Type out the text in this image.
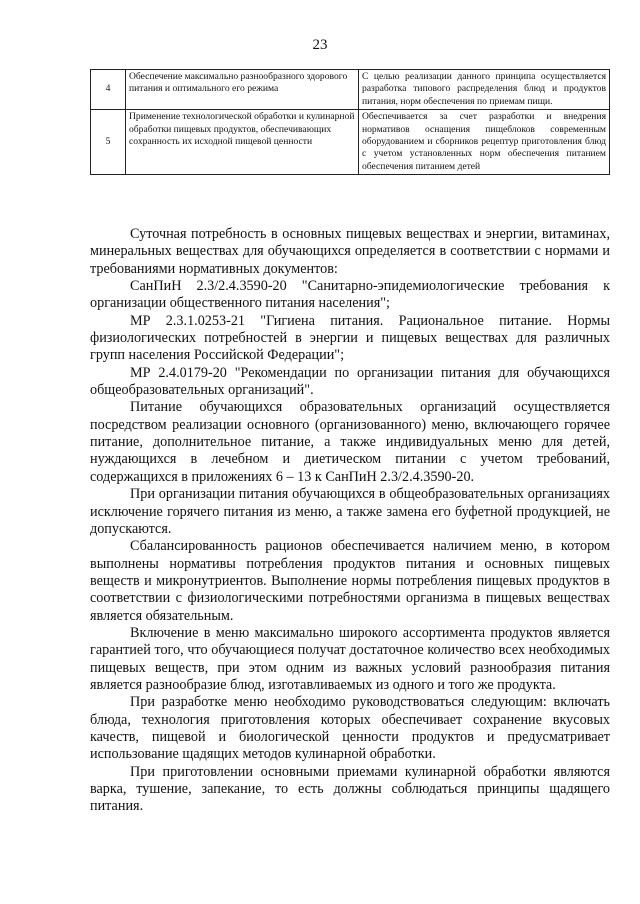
23
4	Обеспечение максимально разнообразного здорового питания и оптимального его режима	С целью реализации данного принципа осуществляется разработка типового распределения блюд и продуктов питания, норм обеспечения по приемам пищи.
5	Применение технологической обработки и кулинарной обработки пищевых продуктов, обеспечивающих сохранность их исходной пищевой ценности	Обеспечивается за счет разработки и внедрения нормативов оснащения пищеблоков современным оборудованием и сборников рецептур приготовления блюд с учетом установленных норм обеспечения питанием обеспечения питанием детей

Суточная потребность в основных пищевых веществах и энергии, витаминах, минеральных веществах для обучающихся определяется в соответствии с нормами и требованиями нормативных документов:

СанПиН 2.3/2.4.3590-20 "Санитарно-эпидемиологические требования к организации общественного питания населения";

МР 2.3.1.0253-21 "Гигиена питания. Рациональное питание. Нормы физиологических потребностей в энергии и пищевых веществах для различных групп населения Российской Федерации";

МР 2.4.0179-20 "Рекомендации по организации питания для обучающихся общеобразовательных организаций".

Питание обучающихся образовательных организаций осуществляется посредством реализации основного (организованного) меню, включающего горячее питание, дополнительное питание, а также индивидуальных меню для детей, нуждающихся в лечебном и диетическом питании с учетом требований, содержащихся в приложениях 6 – 13 к СанПиН 2.3/2.4.3590-20.

При организации питания обучающихся в общеобразовательных организациях исключение горячего питания из меню, а также замена его буфетной продукцией, не допускаются.

Сбалансированность рационов обеспечивается наличием меню, в котором выполнены нормативы потребления продуктов питания и основных пищевых веществ и микронутриентов. Выполнение нормы потребления пищевых продуктов в соответствии с физиологическими потребностями организма в пищевых веществах является обязательным.

Включение в меню максимально широкого ассортимента продуктов является гарантией того, что обучающиеся получат достаточное количество всех необходимых пищевых веществ, при этом одним из важных условий разнообразия питания является разнообразие блюд, изготавливаемых из одного и того же продукта.

При разработке меню необходимо руководствоваться следующим: включать блюда, технология приготовления которых обеспечивает сохранение вкусовых качеств, пищевой и биологической ценности продуктов и предусматривает использование щадящих методов кулинарной обработки.

При приготовлении основными приемами кулинарной обработки являются варка, тушение, запекание, то есть должны соблюдаться принципы щадящего питания.
